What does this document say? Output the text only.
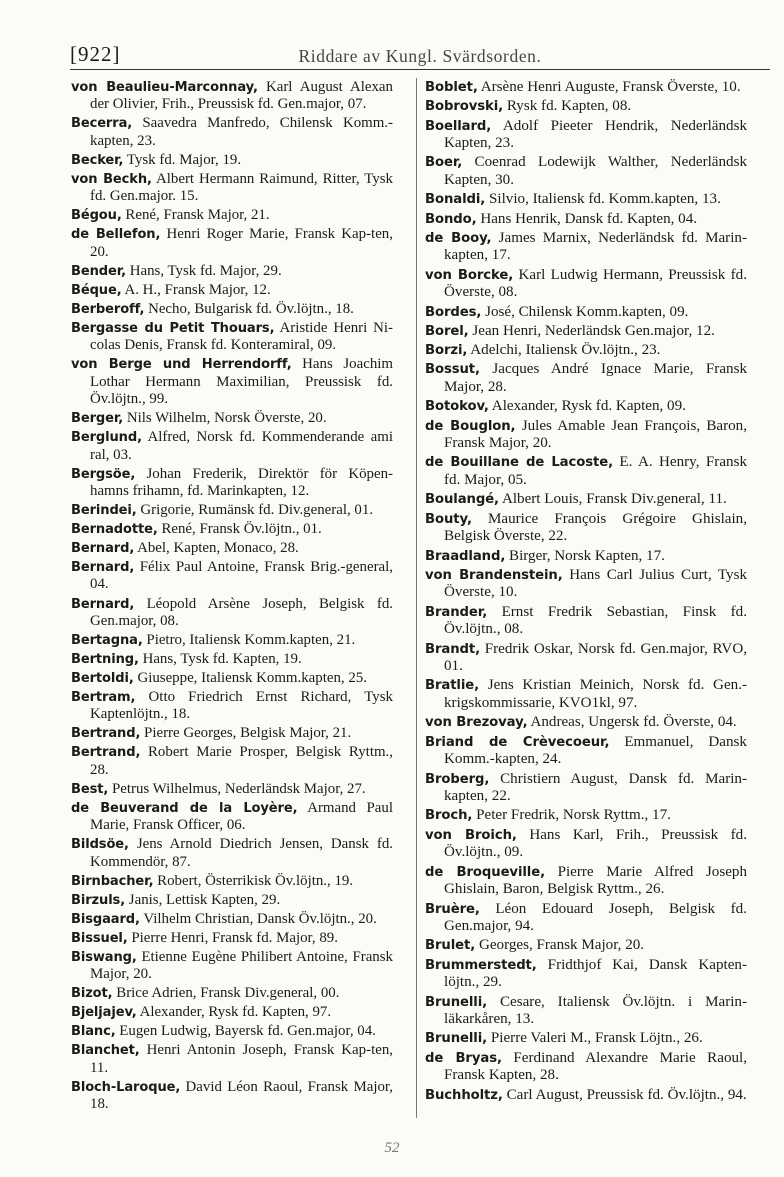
[922]	Riddare av Kungl. Svärdsorden.

von Beaulieu-Marconnay, Karl August Alexan der Olivier, Frih., Preussisk fd. Gen.major, 07.

Becerra, Saavedra Manfredo, Chilensk Komm.-kapten, 23.

Becker, Tysk fd. Major, 19.

von Beckh, Albert Hermann Raimund, Ritter, Tysk fd. Gen.major. 15.

Bégou, René, Fransk Major, 21.

de Bellefon, Henri Roger Marie, Fransk Kap-ten, 20.

Bender, Hans, Tysk fd. Major, 29.

Béque, A. H., Fransk Major, 12.

Berberoff, Necho, Bulgarisk fd. Öv.löjtn., 18.

Bergasse du Petit Thouars, Aristide Henri Ni-colas Denis, Fransk fd. Konteramiral, 09.

von Berge und Herrendorff, Hans Joachim Lothar Hermann Maximilian, Preussisk fd. Öv.löjtn., 99.

Berger, Nils Wilhelm, Norsk Överste, 20.

Berglund, Alfred, Norsk fd. Kommenderande ami ral, 03.

Bergsöe, Johan Frederik, Direktör för Köpen-hamns frihamn, fd. Marinkapten, 12.

Berindei, Grigorie, Rumänsk fd. Div.general, 01.

Bernadotte, René, Fransk Öv.löjtn., 01.

Bernard, Abel, Kapten, Monaco, 28.

Bernard, Félix Paul Antoine, Fransk Brig.-general, 04.

Bernard, Léopold Arsène Joseph, Belgisk fd. Gen.major, 08.

Bertagna, Pietro, Italiensk Komm.kapten, 21.

Bertning, Hans, Tysk fd. Kapten, 19.

Bertoldi, Giuseppe, Italiensk Komm.kapten, 25.

Bertram, Otto Friedrich Ernst Richard, Tysk Kaptenlöjtn., 18.

Bertrand, Pierre Georges, Belgisk Major, 21.

Bertrand, Robert Marie Prosper, Belgisk Ryttm., 28.

Best, Petrus Wilhelmus, Nederländsk Major, 27.

de Beuverand de la Loyère, Armand Paul Marie, Fransk Officer, 06.

Bildsöe, Jens Arnold Diedrich Jensen, Dansk fd. Kommendör, 87.

Birnbacher, Robert, Österrikisk Öv.löjtn., 19.

Birzuls, Janis, Lettisk Kapten, 29.

Bisgaard, Vilhelm Christian, Dansk Öv.löjtn., 20.

Bissuel, Pierre Henri, Fransk fd. Major, 89.

Biswang, Etienne Eugène Philibert Antoine, Fransk Major, 20.

Bizot, Brice Adrien, Fransk Div.general, 00.

Bjeljajev, Alexander, Rysk fd. Kapten, 97.

Blanc, Eugen Ludwig, Bayersk fd. Gen.major, 04.

Blanchet, Henri Antonin Joseph, Fransk Kap-ten, 11.

Bloch-Laroque, David Léon Raoul, Fransk Major, 18.

Boblet, Arsène Henri Auguste, Fransk Överste, 10.

Bobrovski, Rysk fd. Kapten, 08.

Boellard, Adolf Pieeter Hendrik, Nederländsk Kapten, 23.

Boer, Coenrad Lodewijk Walther, Nederländsk Kapten, 30.

Bonaldi, Silvio, Italiensk fd. Komm.kapten, 13.

Bondo, Hans Henrik, Dansk fd. Kapten, 04.

de Booy, James Marnix, Nederländsk fd. Marin-kapten, 17.

von Borcke, Karl Ludwig Hermann, Preussisk fd. Överste, 08.

Bordes, José, Chilensk Komm.kapten, 09.

Borel, Jean Henri, Nederländsk Gen.major, 12.

Borzi, Adelchi, Italiensk Öv.löjtn., 23.

Bossut, Jacques André Ignace Marie, Fransk Major, 28.

Botokov, Alexander, Rysk fd. Kapten, 09.

de Bouglon, Jules Amable Jean François, Baron, Fransk Major, 20.

de Bouillane de Lacoste, E. A. Henry, Fransk fd. Major, 05.

Boulangé, Albert Louis, Fransk Div.general, 11.

Bouty, Maurice François Grégoire Ghislain, Belgisk Överste, 22.

Braadland, Birger, Norsk Kapten, 17.

von Brandenstein, Hans Carl Julius Curt, Tysk Överste, 10.

Brander, Ernst Fredrik Sebastian, Finsk fd. Öv.löjtn., 08.

Brandt, Fredrik Oskar, Norsk fd. Gen.major, RVO, 01.

Bratlie, Jens Kristian Meinich, Norsk fd. Gen.-krigskommissarie, KVO1kl, 97.

von Brezovay, Andreas, Ungersk fd. Överste, 04.

Briand de Crèvecoeur, Emmanuel, Dansk Komm.-kapten, 24.

Broberg, Christiern August, Dansk fd. Marin-kapten, 22.

Broch, Peter Fredrik, Norsk Ryttm., 17.

von Broich, Hans Karl, Frih., Preussisk fd. Öv.löjtn., 09.

de Broqueville, Pierre Marie Alfred Joseph Ghislain, Baron, Belgisk Ryttm., 26.

Bruère, Léon Edouard Joseph, Belgisk fd. Gen.major, 94.

Brulet, Georges, Fransk Major, 20.

Brummerstedt, Fridthjof Kai, Dansk Kapten-löjtn., 29.

Brunelli, Cesare, Italiensk Öv.löjtn. i Marin-läkarkåren, 13.

Brunelli, Pierre Valeri M., Fransk Löjtn., 26.

de Bryas, Ferdinand Alexandre Marie Raoul, Fransk Kapten, 28.

Buchholtz, Carl August, Preussisk fd. Öv.löjtn., 94.

52
